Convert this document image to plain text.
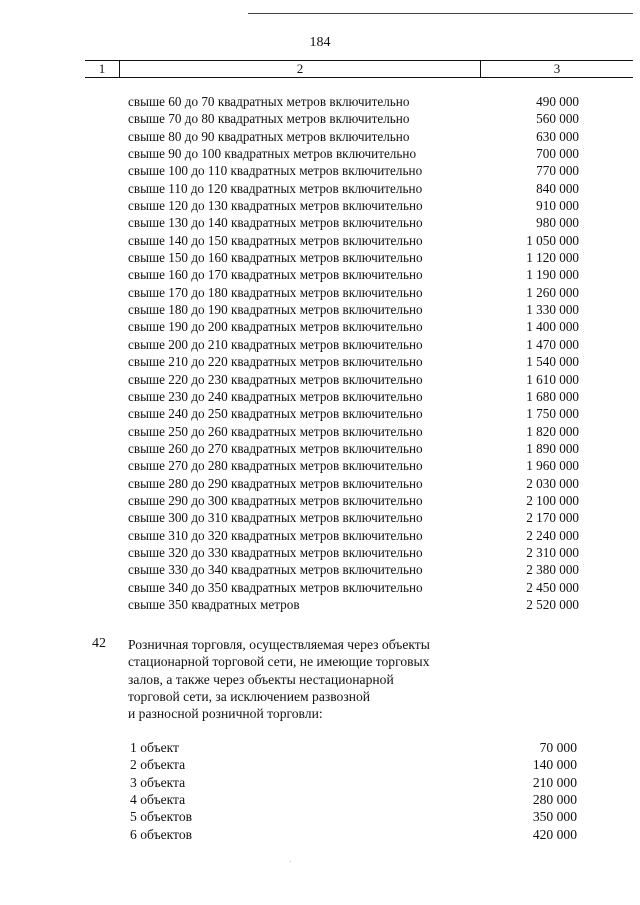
184
1	2	3
свыше 60 до 70 квадратных метров включительно	490 000
свыше 70 до 80 квадратных метров включительно	560 000
свыше 80 до 90 квадратных метров включительно	630 000
свыше 90 до 100 квадратных метров включительно	700 000
свыше 100 до 110 квадратных метров включительно	770 000
свыше 110 до 120 квадратных метров включительно	840 000
свыше 120 до 130 квадратных метров включительно	910 000
свыше 130 до 140 квадратных метров включительно	980 000
свыше 140 до 150 квадратных метров включительно	1 050 000
свыше 150 до 160 квадратных метров включительно	1 120 000
свыше 160 до 170 квадратных метров включительно	1 190 000
свыше 170 до 180 квадратных метров включительно	1 260 000
свыше 180 до 190 квадратных метров включительно	1 330 000
свыше 190 до 200 квадратных метров включительно	1 400 000
свыше 200 до 210 квадратных метров включительно	1 470 000
свыше 210 до 220 квадратных метров включительно	1 540 000
свыше 220 до 230 квадратных метров включительно	1 610 000
свыше 230 до 240 квадратных метров включительно	1 680 000
свыше 240 до 250 квадратных метров включительно	1 750 000
свыше 250 до 260 квадратных метров включительно	1 820 000
свыше 260 до 270 квадратных метров включительно	1 890 000
свыше 270 до 280 квадратных метров включительно	1 960 000
свыше 280 до 290 квадратных метров включительно	2 030 000
свыше 290 до 300 квадратных метров включительно	2 100 000
свыше 300 до 310 квадратных метров включительно	2 170 000
свыше 310 до 320 квадратных метров включительно	2 240 000
свыше 320 до 330 квадратных метров включительно	2 310 000
свыше 330 до 340 квадратных метров включительно	2 380 000
свыше 340 до 350 квадратных метров включительно	2 450 000
свыше 350 квадратных метров	2 520 000
42 Розничная торговля, осуществляемая через объекты
стационарной торговой сети, не имеющие торговых
залов, а также через объекты нестационарной
торговой сети, за исключением развозной
и разносной розничной торговли:
1 объект	70 000
2 объекта	140 000
3 объекта	210 000
4 объекта	280 000
5 объектов	350 000
6 объектов	420 000
